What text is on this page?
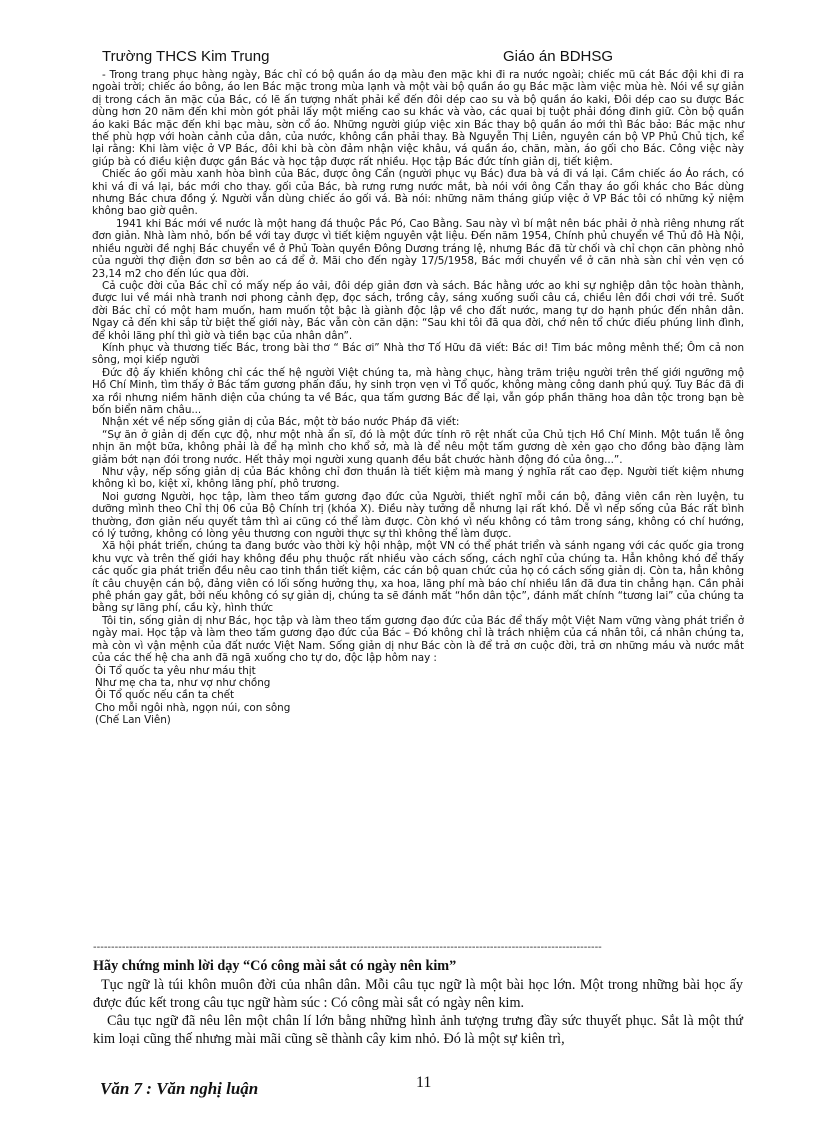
Trường THCS Kim Trung	Giáo án BDHSG

- Trong trang phục hàng ngày, Bác chỉ có bộ quần áo dạ màu đen mặc khi đi ra nước ngoài; chiếc mũ cát Bác đội khi đi ra ngoài trời; chiếc áo bông, áo len Bác mặc trong mùa lạnh và một vài bộ quần áo gụ Bác mặc làm việc mùa hè. Nói về sự giản dị trong cách ăn mặc của Bác, có lẽ ấn tượng nhất phải kể đến đôi dép cao su và bộ quần áo kaki, Đôi dép cao su được Bác dùng hơn 20 năm đến khi mòn gót phải lấy một miếng cao su khác và vào, các quai bị tuột phải đóng đinh giữ. Còn bộ quần áo kaki Bác mặc đến khi bạc màu, sờn cổ áo. Những người giúp việc xin Bác thay bộ quần áo mới thì Bác bảo: Bác mặc như thế phù hợp với hoàn cảnh của dân, của nước, không cần phải thay. Bà Nguyễn Thị Liên, nguyên cán bộ VP Phủ Chủ tịch, kể lại rằng: Khi làm việc ở VP Bác, đôi khi bà còn đảm nhận việc khâu, vá quần áo, chăn, màn, áo gối cho Bác. Công việc này giúp bà có điều kiện được gần Bác và học tập được rất nhiều. Học tập Bác đức tính giản dị, tiết kiệm.

Chiếc áo gối màu xanh hòa bình của Bác, được ông Cẩn (người phục vụ Bác) đưa bà vá đi vá lại. Cầm chiếc áo Áo rách, có khi vá đi vá lại, bác mới cho thay. gối của Bác, bà rưng rưng nước mắt, bà nói với ông Cẩn thay áo gối khác cho Bác dùng nhưng Bác chưa đồng ý. Người vẫn dùng chiếc áo gối vá. Bà nói: những năm tháng giúp việc ở VP Bác tôi có những kỷ niệm không bao giờ quên.

1941 khi Bác mới về nước là một hang đá thuộc Pắc Pó, Cao Bằng. Sau này vì bí mật nên bác phải ở nhà riêng nhưng rất đơn giản. Nhà làm nhỏ, bốn bề với tay được vì tiết kiệm nguyên vật liệu. Đến năm 1954, Chính phủ chuyển về Thủ đô Hà Nội, nhiều người đề nghị Bác chuyển về ở Phủ Toàn quyền Đông Dương tráng lệ, nhưng Bác đã từ chối và chỉ chọn căn phòng nhỏ của người thợ điện đơn sơ bên ao cá để ở. Mãi cho đến ngày 17/5/1958, Bác mới chuyển về ở căn nhà sàn chỉ vẻn vẹn có 23,14 m2 cho đến lúc qua đời.

Cả cuộc đời của Bác chỉ có mấy nếp áo vải, đôi dép giản đơn và sách. Bác hằng ước ao khi sự nghiệp dân tộc hoàn thành, được lui về mái nhà tranh nơi phong cảnh đẹp, đọc sách, trồng cây, sáng xuống suối câu cá, chiều lên đồi chơi với trẻ. Suốt đời Bác chỉ có một ham muốn, ham muốn tột bậc là giành độc lập về cho đất nước, mang tự do hạnh phúc đến nhân dân. Ngay cả đến khi sắp từ biệt thế giới này, Bác vẫn còn căn dặn: “Sau khi tôi đã qua đời, chớ nên tổ chức điếu phúng linh đình, để khỏi lãng phí thì giờ và tiền bạc của nhân dân”.

Kính phục và thương tiếc Bác, trong bài thơ “ Bác ơi” Nhà thơ Tố Hữu đã viết: Bác ơi! Tim bác mông mênh thế; Ôm cả non sông, mọi kiếp người

Đức độ ấy khiến không chỉ các thế hệ người Việt chúng ta, mà hàng chục, hàng trăm triệu người trên thế giới ngưỡng mộ Hồ Chí Minh, tìm thấy ở Bác tấm gương phấn đấu, hy sinh trọn vẹn vì Tổ quốc, không màng công danh phú quý. Tuy Bác đã đi xa rồi nhưng niềm hãnh diện của chúng ta về Bác, qua tấm gương Bác để lại, vẫn góp phần thăng hoa dân tộc trong bạn bè bốn biển năm châu...

Nhận xét về nếp sống giản dị của Bác, một tờ báo nước Pháp đã viết:

“Sự ăn ở giản dị đến cực độ, như một nhà ẩn sĩ, đó là một đức tính rõ rệt nhất của Chủ tịch Hồ Chí Minh. Một tuần lễ ông nhịn ăn một bữa, không phải là để hạ mình cho khổ sở, mà là để nêu một tấm gương dè xẻn gạo cho đồng bào đặng làm giảm bớt nạn đói trong nước. Hết thảy mọi người xung quanh đều bắt chước hành động đó của ông...”.

Như vậy, nếp sống giản dị của Bác không chỉ đơn thuần là tiết kiệm mà mang ý nghĩa rất cao đẹp. Người tiết kiệm nhưng không kì bo, kiệt xỉ, không lãng phí, phô trương.

Noi gương Người, học tập, làm theo tấm gương đạo đức của Người, thiết nghĩ mỗi cán bộ, đảng viên cần rèn luyện, tu dưỡng mình theo Chỉ thị 06 của Bộ Chính trị (khóa X). Điều này tưởng dễ nhưng lại rất khó. Dễ vì nếp sống của Bác rất bình thường, đơn giản nếu quyết tâm thì ai cũng có thể làm được. Còn khó vì nếu không có tâm trong sáng, không có chí hướng, có lý tưởng, không có lòng yêu thương con người thực sự thì không thể làm được.

Xã hội phát triển, chúng ta đang bước vào thời kỳ hội nhập, một VN có thể phát triển và sánh ngang với các quốc gia trong khu vực và trên thế giới hay không đều phụ thuộc rất nhiều vào cách sống, cách nghĩ của chúng ta. Hẳn không khó để thấy các quốc gia phát triển đều nêu cao tinh thần tiết kiệm, các cán bộ quan chức của họ có cách sống giản dị. Còn ta, hẳn không ít câu chuyện cán bộ, đảng viên có lối sống hưởng thụ, xa hoa, lãng phí mà báo chí nhiều lần đã đưa tin chẳng hạn. Cần phải phê phán gay gắt, bởi nếu không có sự giản dị, chúng ta sẽ đánh mất “hồn dân tộc”, đánh mất chính “tương lai” của chúng ta bằng sự lãng phí, cầu kỳ, hình thức

Tôi tin, sống giản dị như Bác, học tập và làm theo tấm gương đạo đức của Bác để thấy một Việt Nam vững vàng phát triển ở ngày mai. Học tập và làm theo tấm gương đạo đức của Bác – Đó không chỉ là trách nhiệm của cá nhân tôi, cá nhân chúng ta, mà còn vì vận mệnh của đất nước Việt Nam. Sống giản dị như Bác còn là để trả ơn cuộc đời, trả ơn những máu và nước mắt của các thế hệ cha anh đã ngã xuống cho tự do, độc lập hôm nay :

Ôi Tổ quốc ta yêu như máu thịt
Như mẹ cha ta, như vợ như chồng
Ôi Tổ quốc nếu cần ta chết
Cho mỗi ngôi nhà, ngọn núi, con sông
(Chế Lan Viên)
---------------------------------------------------------------------------------------------------------------------------------------------
Hãy chứng minh lời dạy “Có công mài sắt có ngày nên kim”

Tục ngữ là túi khôn muôn đời của nhân dân. Mỗi câu tục ngữ là một bài học lớn. Một trong những bài học ấy được đúc kết trong câu tục ngữ hàm súc : Có công mài sắt có ngày nên kim.

Câu tục ngữ đã nêu lên một chân lí lớn bằng những hình ảnh tượng trưng đầy sức thuyết phục. Sắt là một thứ kim loại cũng thế nhưng mài mãi cũng sẽ thành cây kim nhỏ. Đó là một sự kiên trì,

Văn 7 : Văn nghị luận	11
